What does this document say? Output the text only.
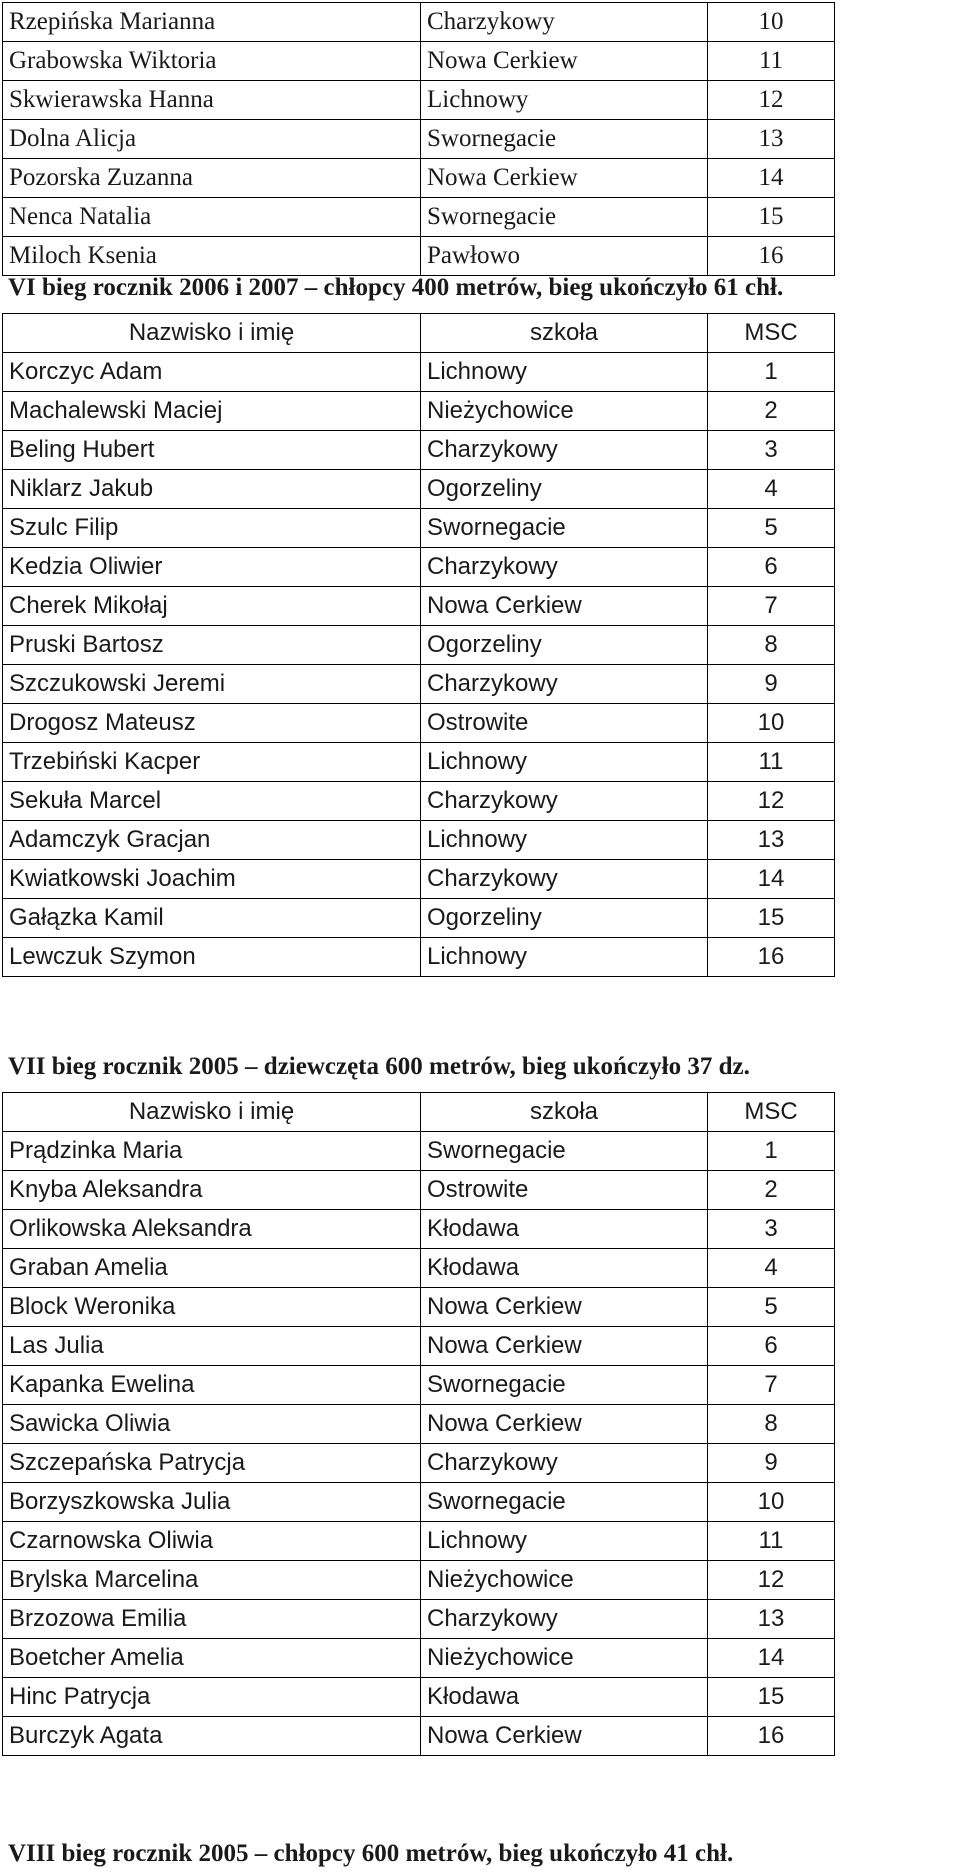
Rzepińska Marianna	Charzykowy	10
Grabowska Wiktoria	Nowa Cerkiew	11
Skwierawska Hanna	Lichnowy	12
Dolna Alicja	Swornegacie	13
Pozorska Zuzanna	Nowa Cerkiew	14
Nenca Natalia	Swornegacie	15
Miloch Ksenia	Pawłowo	16
VI bieg rocznik 2006 i 2007 – chłopcy 400 metrów, bieg ukończyło 61 chł.
Nazwisko i imię	szkoła	MSC
Korczyc Adam	Lichnowy	1
Machalewski Maciej	Nieżychowice	2
Beling Hubert	Charzykowy	3
Niklarz Jakub	Ogorzeliny	4
Szulc Filip	Swornegacie	5
Kedzia Oliwier	Charzykowy	6
Cherek Mikołaj	Nowa Cerkiew	7
Pruski Bartosz	Ogorzeliny	8
Szczukowski Jeremi	Charzykowy	9
Drogosz Mateusz	Ostrowite	10
Trzebiński Kacper	Lichnowy	11
Sekuła Marcel	Charzykowy	12
Adamczyk Gracjan	Lichnowy	13
Kwiatkowski Joachim	Charzykowy	14
Gałązka Kamil	Ogorzeliny	15
Lewczuk Szymon	Lichnowy	16
VII bieg rocznik 2005 – dziewczęta 600 metrów, bieg ukończyło 37 dz.
Nazwisko i imię	szkoła	MSC
Prądzinka Maria	Swornegacie	1
Knyba Aleksandra	Ostrowite	2
Orlikowska Aleksandra	Kłodawa	3
Graban Amelia	Kłodawa	4
Block Weronika	Nowa Cerkiew	5
Las Julia	Nowa Cerkiew	6
Kapanka Ewelina	Swornegacie	7
Sawicka Oliwia	Nowa Cerkiew	8
Szczepańska Patrycja	Charzykowy	9
Borzyszkowska Julia	Swornegacie	10
Czarnowska Oliwia	Lichnowy	11
Brylska Marcelina	Nieżychowice	12
Brzozowa Emilia	Charzykowy	13
Boetcher Amelia	Nieżychowice	14
Hinc Patrycja	Kłodawa	15
Burczyk Agata	Nowa Cerkiew	16
VIII bieg rocznik 2005 – chłopcy 600 metrów, bieg ukończyło 41 chł.
